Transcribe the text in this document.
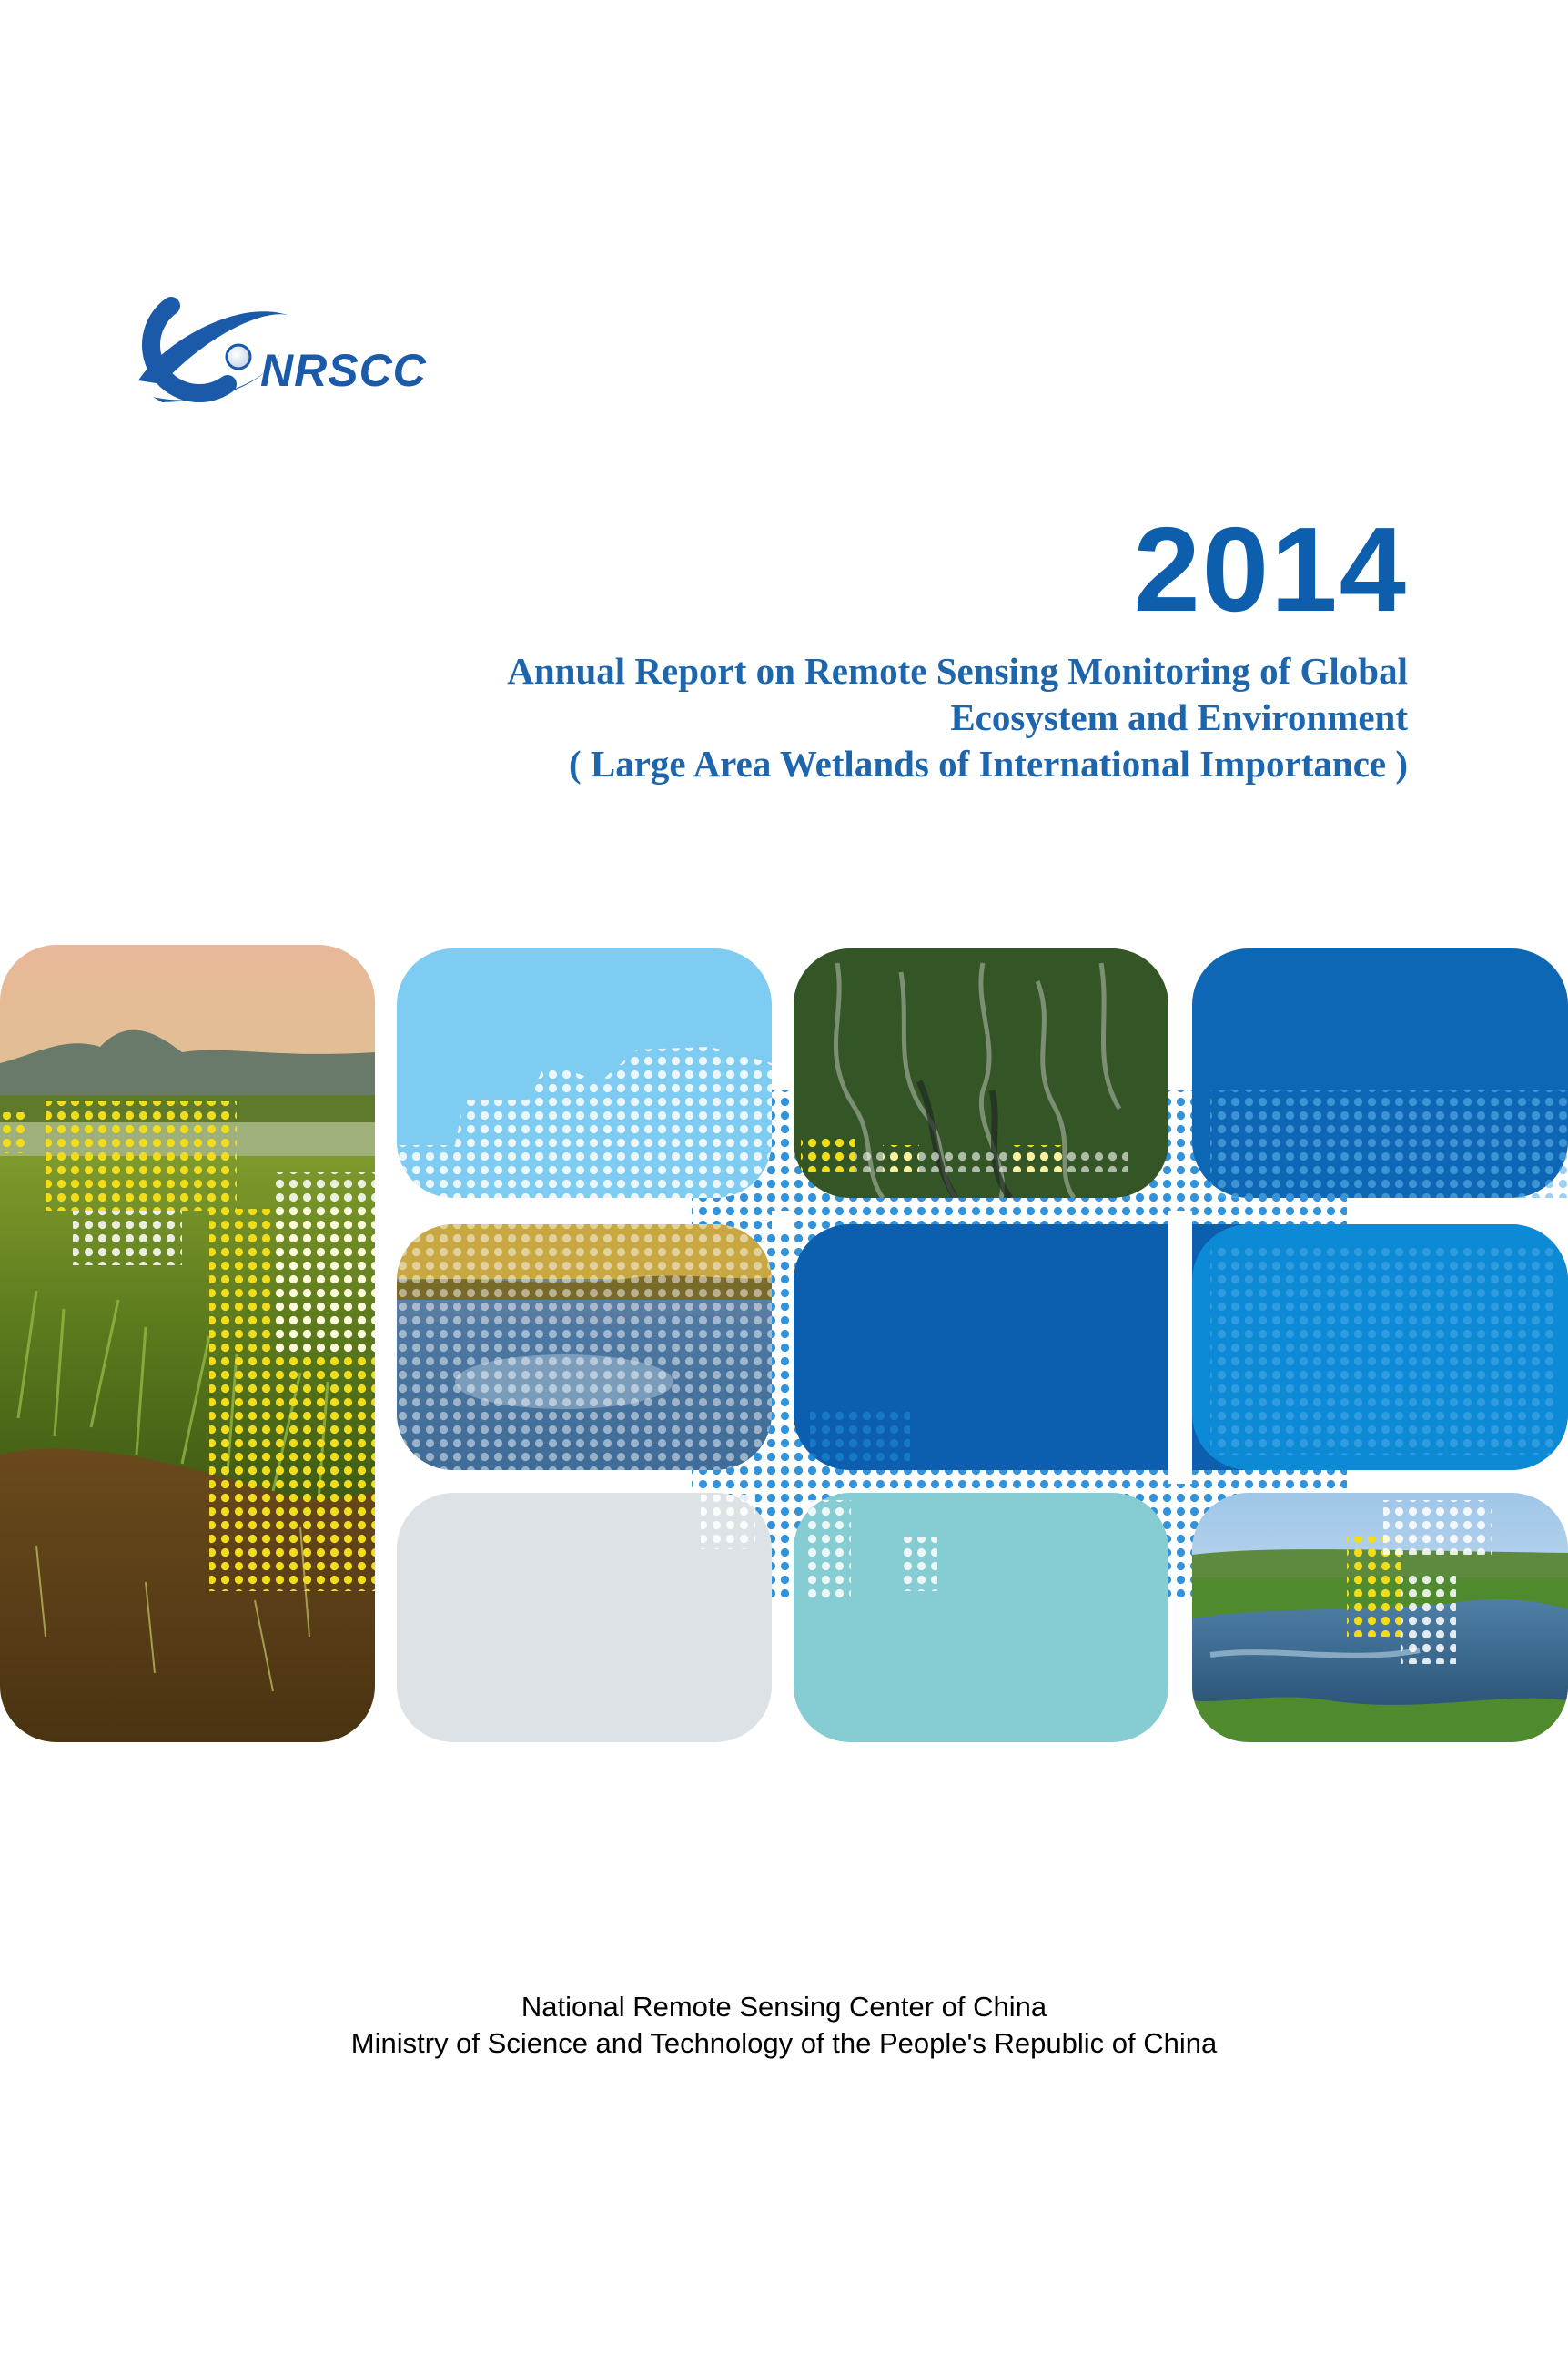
NRSCC
2014
Annual Report on Remote Sensing Monitoring of Global
Ecosystem and Environment
( Large Area Wetlands of International Importance )
National Remote Sensing Center of China
Ministry of Science and Technology of the People's Republic of China
